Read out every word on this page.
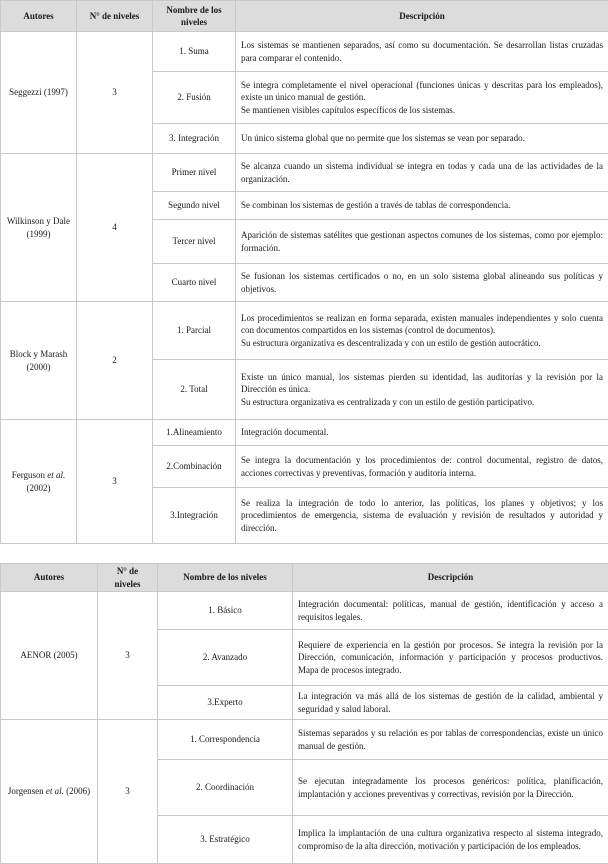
Autores	N° de niveles	Nombre de los niveles	Descripción
Seggezzi (1997)	3	1. Suma	Los sistemas se mantienen separados, así como su documentación. Se desarrollan listas cruzadas para comparar el contenido.

		2. Fusión	Se integra completamente el nivel operacional (funciones únicas y descritas para los empleados), existe un único manual de gestión.
Se mantienen visibles capítulos específicos de los sistemas.

		3. Integración	Un único sistema global que no permite que los sistemas se vean por separado.

Wilkinson y Dale (1999)	4	Primer nivel	Se alcanza cuando un sistema individual se integra en todas y cada una de las actividades de la organización.

		Segundo nivel	Se combinan los sistemas de gestión a través de tablas de correspondencia.

		Tercer nivel	Aparición de sistemas satélites que gestionan aspectos comunes de los sistemas, como por ejemplo: formación.

		Cuarto nivel	Se fusionan los sistemas certificados o no, en un solo sistema global alineando sus políticas y objetivos.

Block y Marash (2000)	2	1. Parcial	Los procedimientos se realizan en forma separada, existen manuales independientes y solo cuenta con documentos compartidos en los sistemas (control de documentos).
Su estructura organizativa es descentralizada y con un estilo de gestión autocrático.

		2. Total	Existe un único manual, los sistemas pierden su identidad, las auditorías y la revisión por la Dirección es única.
Su estructura organizativa es centralizada y con un estilo de gestión participativo.

Ferguson et al. (2002)	3	1.Alineamiento	Integración documental.

		2.Combinación	Se integra la documentación y los procedimientos de: control documental, registro de datos, acciones correctivas y preventivas, formación y auditoría interna.

		3.Integración	Se realiza la integración de todo lo anterior, las políticas, los planes y objetivos; y los procedimientos de emergencia, sistema de evaluación y revisión de resultados y autoridad y dirección.
Autores	N° de niveles	Nombre de los niveles	Descripción
AENOR (2005)	3	1. Básico	Integración documental: políticas, manual de gestión, identificación y acceso a requisitos legales.

		2. Avanzado	Requiere de experiencia en la gestión por procesos. Se integra la revisión por la Dirección, comunicación, información y participación y procesos productivos. Mapa de procesos integrado.

		3.Experto	La integración va más allá de los sistemas de gestión de la calidad, ambiental y seguridad y salud laboral.

Jorgensen et al. (2006)	3	1. Correspondencia	Sistemas separados y su relación es por tablas de correspondencias, existe un único manual de gestión.

		2. Coordinación	Se ejecutan integradamente los procesos genéricos: política, planificación, implantación y acciones preventivas y correctivas, revisión por la Dirección.

		3. Estratégico	Implica la implantación de una cultura organizativa respecto al sistema integrado, compromiso de la alta dirección, motivación y participación de los empleados.
